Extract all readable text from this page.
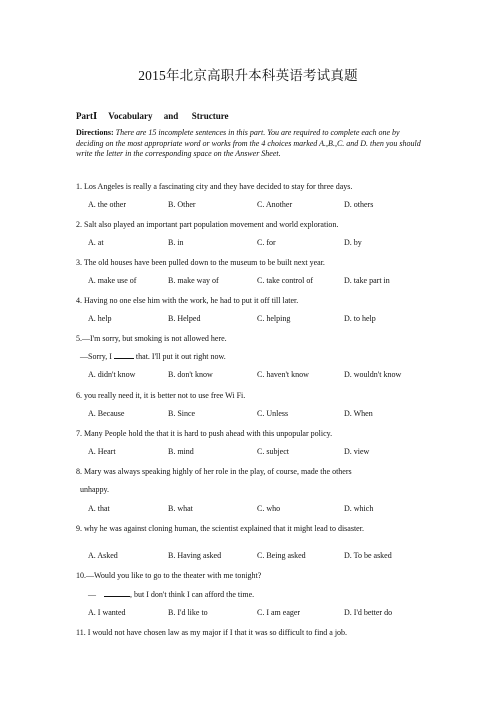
2015年北京高职升本科英语考试真题
PartⅠ     Vocabulary     and      Structure
Directions: There are 15 incomplete sentences in this part. You are required to complete each one by deciding on the most appropriate word or works from the 4 choices marked A.,B.,C. and D. then you should write the letter in the corresponding space on the Answer Sheet.
1. Los Angeles is really a fascinating city and they have decided to stay for three days.
A. the other	B. Other	C. Another	D. others
2. Salt also played an important part population movement and world exploration.
A. at	B. in	C. for	D. by
3. The old houses have been pulled down to the museum to be built next year.
A. make use of	B. make way of	C. take control of	D. take part in
4. Having no one else him with the work, he had to put it off till later.
A. help	B. Helped	C. helping	D. to help
5.—I'm sorry, but smoking is not allowed here.
—Sorry, I	that. I'll put it out right now.
A. didn't know	B. don't know	C. haven't know	D. wouldn't know
6. you really need it, it is better not to use free Wi Fi.
A. Because	B. Since	C. Unless	D. When
7. Many People hold the that it is hard to push ahead with this unpopular policy.
A. Heart	B. mind	C. subject	D. view
8. Mary was always speaking highly of her role in the play, of course, made the others
unhappy.
A. that	B. what	C. who	D. which
9. why he was against cloning human, the scientist explained that it might lead to disaster.
A. Asked	B. Having asked	C. Being asked	D. To be asked
10.—Would you like to go to the theater with me tonight?
—	, but I don't think I can afford the time.
A. I wanted	B. I'd like to	C. I am eager	D. I'd better do
11. I would not have chosen law as my major if I that it was so difficult to find a job.
